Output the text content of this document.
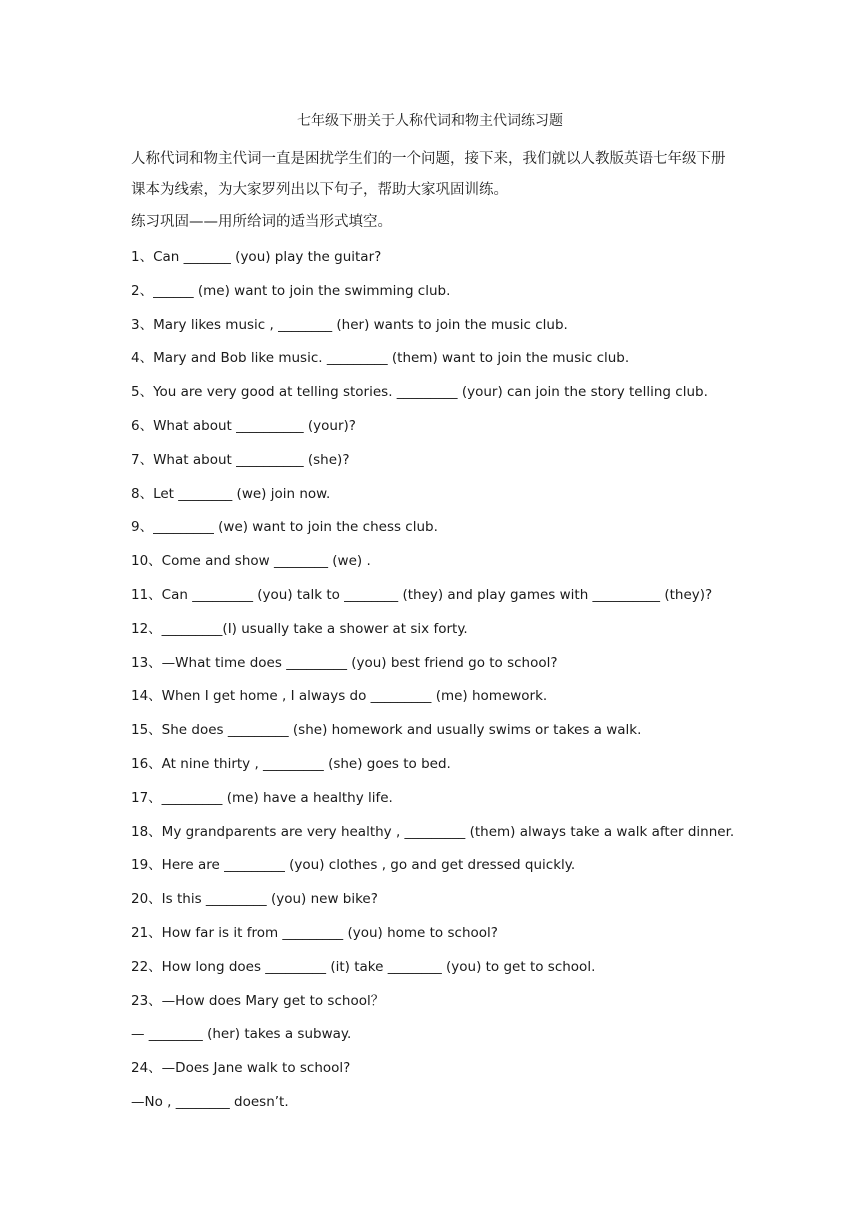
七年级下册关于人称代词和物主代词练习题
人称代词和物主代词一直是困扰学生们的一个问题，接下来，我们就以人教版英语七年级下册课本为线索，为大家罗列出以下句子，帮助大家巩固训练。
练习巩固——用所给词的适当形式填空。
1、Can _______ (you) play the guitar?
2、______ (me) want to join the swimming club.
3、Mary likes music , ________ (her) wants to join the music club.
4、Mary and Bob like music. _________ (them) want to join the music club.
5、You are very good at telling stories. _________ (your) can join the story telling club.
6、What about __________ (your)?
7、What about __________ (she)?
8、Let ________ (we) join now.
9、_________ (we) want to join the chess club.
10、Come and show ________ (we) .
11、Can _________ (you) talk to ________ (they) and play games with __________ (they)?
12、_________(I) usually take a shower at six forty.
13、—What time does _________ (you) best friend go to school?
14、When I get home , I always do _________ (me) homework.
15、She does _________ (she) homework and usually swims or takes a walk.
16、At nine thirty , _________ (she) goes to bed.
17、_________ (me) have a healthy life.
18、My grandparents are very healthy , _________ (them) always take a walk after dinner.
19、Here are _________ (you) clothes , go and get dressed quickly.
20、Is this _________ (you) new bike?
21、How far is it from _________ (you) home to school?
22、How long does _________ (it) take ________ (you) to get to school.
23、—How does Mary get to school？
— ________ (her) takes a subway.
24、—Does Jane walk to school?
—No , ________ doesn’t.
